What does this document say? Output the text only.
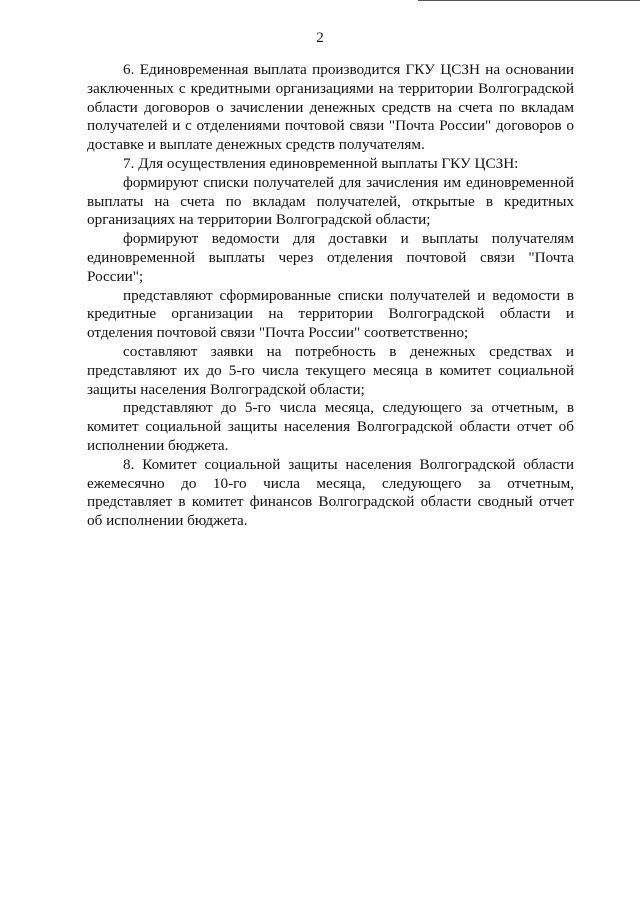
2

6. Единовременная выплата производится ГКУ ЦСЗН на основании заключенных с кредитными организациями на территории Волгоградской области договоров о зачислении денежных средств на счета по вкладам получателей и с отделениями почтовой связи "Почта России" договоров о доставке и выплате денежных средств получателям.

7. Для осуществления единовременной выплаты ГКУ ЦСЗН:

формируют списки получателей для зачисления им единовременной выплаты на счета по вкладам получателей, открытые в кредитных организациях на территории Волгоградской области;

формируют ведомости для доставки и выплаты получателям единовременной выплаты через отделения почтовой связи "Почта России";

представляют сформированные списки получателей и ведомости в кредитные организации на территории Волгоградской области и отделения почтовой связи "Почта России" соответственно;

составляют заявки на потребность в денежных средствах и представляют их до 5-го числа текущего месяца в комитет социальной защиты населения Волгоградской области;

представляют до 5-го числа месяца, следующего за отчетным, в комитет социальной защиты населения Волгоградской области отчет об исполнении бюджета.

8. Комитет социальной защиты населения Волгоградской области ежемесячно до 10-го числа месяца, следующего за отчетным, представляет в комитет финансов Волгоградской области сводный отчет об исполнении бюджета.
